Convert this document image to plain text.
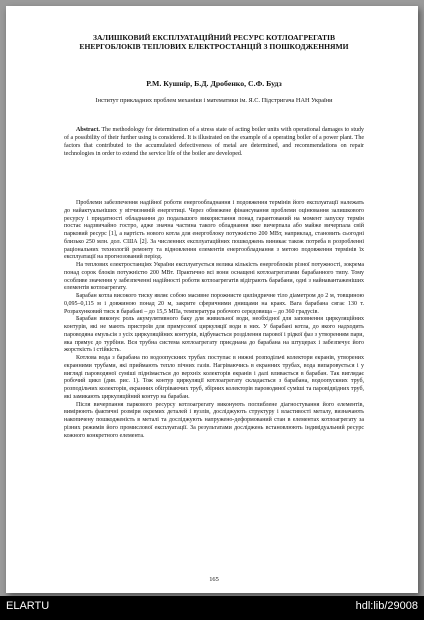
ЗАЛИШКОВИЙ ЕКСПЛУАТАЦІЙНИЙ РЕСУРС КОТЛОАГРЕГАТІВ ЕНЕРГОБЛОКІВ ТЕПЛОВИХ ЕЛЕКТРОСТАНЦІЙ З ПОШКОДЖЕННЯМИ

Р.М. Кушнір, Б.Д. Дробенко, С.Ф. Будз

Інститут прикладних проблем механіки і математики ім. Я.С. Підстригача НАН України

Abstract. The methodology for determination of a stress state of acting boiler units with operational damages to study of a possibility of their further using is considered. It is illustrated on the example of a operating boiler of a power plant. The factors that contributed to the accumulated defectiveness of metal are determined, and recommendations on repair technologies in order to extend the service life of the boiler are developed.

Проблеми забезпечення надійної роботи енергообладнання і подовження термінів його експлуатації належать до найактуальніших у вітчизняній енергетиці. Через обмежене фінансування проблеми оцінювання залишкового ресурсу і придатності обладнання до подальшого використання понад гарантований на момент запуску термін постає надзвичайно гостро, адже значна частина такого обладнання вже вичерпала або майже вичерпала свій парковий ресурс [1], а вартість нового котла для енергоблоку потужністю 200 МВт, наприклад, становить сьогодні близько 250 млн. дол. США [2]. За численних експлуатаційних пошкоджень виникає також потреба в розробленні раціональних технологій ремонту та відновлення елементів енергообладнання з метою подовження термінів їх експлуатації на прогнозований період.

На теплових електростанціях України експлуатується велика кількість енергоблоків різної потужності, зокрема понад сорок блоків потужністю 200 МВт. Практично всі вони оснащені котлоагрегатами барабанного типу. Тому особливе значення у забезпеченні надійності роботи котлоагрегатів відіграють барабани, одні з найнавантаженіших елементів котлоагрегату.

Барабан котла високого тиску являє собою масивне порожнисте циліндричне тіло діаметром до 2 м, товщиною 0,095–0,115 м і довжиною понад 20 м, закрите сферичними днищами на краях. Вага барабана сягає 130 т. Розрахунковий тиск в барабані – до 15,5 МПа, температура робочого середовища – до 360 градусів.

Барабан виконує роль акумулятивного баку для живильної води, необхідної для заповнення циркуляційних контурів, які не мають пристроїв для примусової циркуляції води в них. У барабані котла, до якого надходить пароводяна емульсія з усіх циркуляційних контурів, відбувається розділення парової і рідкої фаз з утворенням пари, яка прямує до турбіни. Вся трубна система котлоагрегату приєднана до барабана на штуцерах і забезпечує його жорсткість і стійкість.

Котлова вода з барабана по водоопускних трубах поступає в нижні розподільчі колектори екранів, утворених екранними трубами, які приймають тепло пічних газів. Нагріваючись в екранних трубах, вода випаровується і у вигляді пароводяної суміші піднімається до верхніх колекторів екранів і далі вливається в барабан. Так виглядає робочий цикл (див. рис. 1). Тож контур циркуляції котлоагрегату складається з барабана, водоопускних труб, розподільчих колекторів, екранних обігріваючих труб, збірних колекторів пароводяної суміші та паровідвідних труб, які замикають циркуляційний контур на барабан.

Після вичерпання паркового ресурсу котлоагрегату виконують поглиблене діагностування його елементів, вимірюють фактичні розміри окремих деталей і вузлів, досліджують структуру і властивості металу, визначають накопичену пошкодженість в металі та досліджують напружено-деформований стан в елементах котлоагрегату за різних режимів його промислової експлуатації. За результатами досліджень встановлюють індивідуальний ресурс кожного конкретного елемента.

165

ELARTU	hdl:lib/29008
